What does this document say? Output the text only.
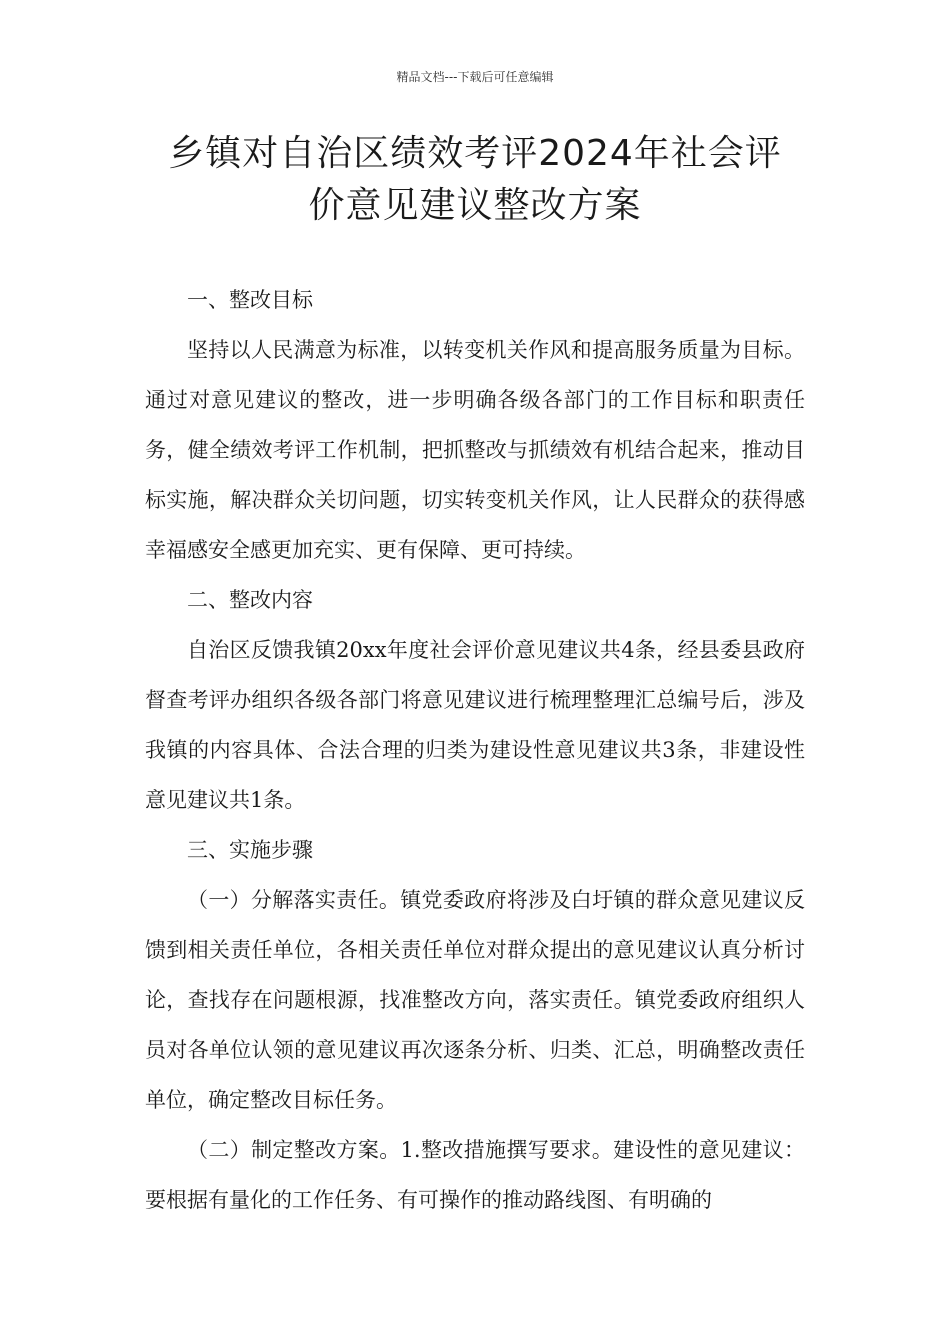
精品文档---下载后可任意编辑
乡镇对自治区绩效考评2024年社会评
价意见建议整改方案
一、整改目标

坚持以人民满意为标准，以转变机关作风和提高服务质量为目标。通过对意见建议的整改，进一步明确各级各部门的工作目标和职责任务，健全绩效考评工作机制，把抓整改与抓绩效有机结合起来，推动目标实施，解决群众关切问题，切实转变机关作风，让人民群众的获得感幸福感安全感更加充实、更有保障、更可持续。

二、整改内容

自治区反馈我镇20xx年度社会评价意见建议共4条，经县委县政府督查考评办组织各级各部门将意见建议进行梳理整理汇总编号后，涉及我镇的内容具体、合法合理的归类为建设性意见建议共3条，非建设性意见建议共1条。

三、实施步骤

（一）分解落实责任。镇党委政府将涉及白圩镇的群众意见建议反馈到相关责任单位，各相关责任单位对群众提出的意见建议认真分析讨论，查找存在问题根源，找准整改方向，落实责任。镇党委政府组织人员对各单位认领的意见建议再次逐条分析、归类、汇总，明确整改责任单位，确定整改目标任务。

（二）制定整改方案。1.整改措施撰写要求。建设性的意见建议：要根据有量化的工作任务、有可操作的推动路线图、有明确的
